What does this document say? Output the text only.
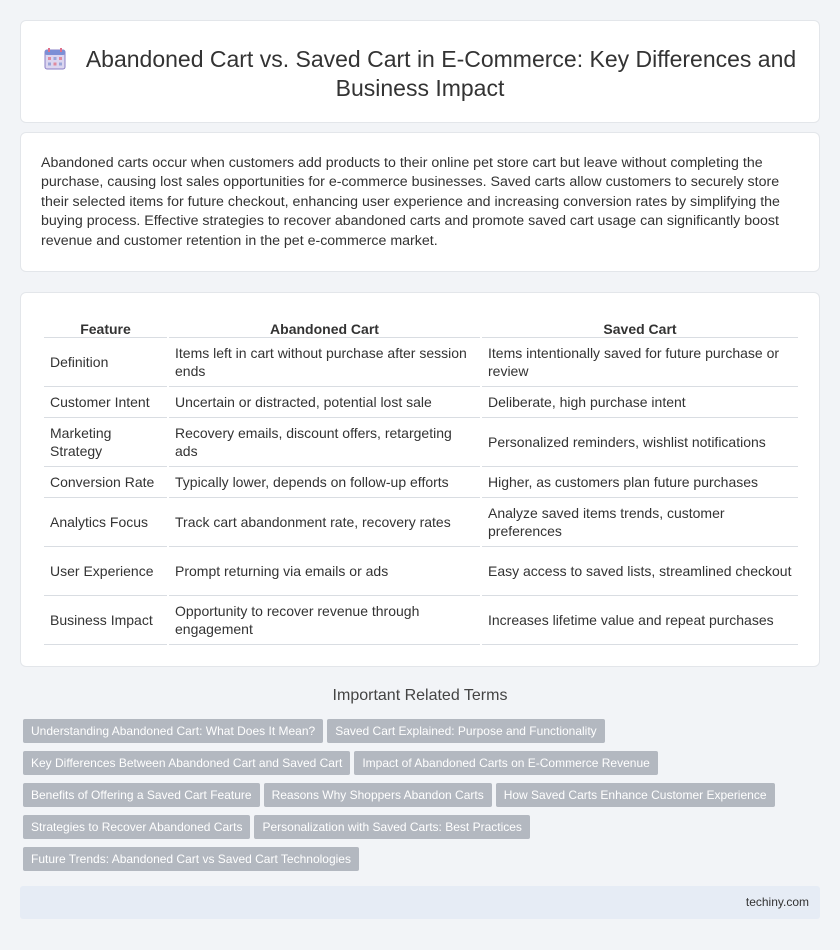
Abandoned Cart vs. Saved Cart in E-Commerce: Key Differences and Business Impact

Abandoned carts occur when customers add products to their online pet store cart but leave without completing the purchase, causing lost sales opportunities for e-commerce businesses. Saved carts allow customers to securely store their selected items for future checkout, enhancing user experience and increasing conversion rates by simplifying the buying process. Effective strategies to recover abandoned carts and promote saved cart usage can significantly boost revenue and customer retention in the pet e-commerce market.

Feature	Abandoned Cart	Saved Cart
Definition	Items left in cart without purchase after session ends	Items intentionally saved for future purchase or review
Customer Intent	Uncertain or distracted, potential lost sale	Deliberate, high purchase intent
Marketing Strategy	Recovery emails, discount offers, retargeting ads	Personalized reminders, wishlist notifications
Conversion Rate	Typically lower, depends on follow-up efforts	Higher, as customers plan future purchases
Analytics Focus	Track cart abandonment rate, recovery rates	Analyze saved items trends, customer preferences
User Experience	Prompt returning via emails or ads	Easy access to saved lists, streamlined checkout
Business Impact	Opportunity to recover revenue through engagement	Increases lifetime value and repeat purchases
Important Related Terms
Understanding Abandoned Cart: What Does It Mean? Saved Cart Explained: Purpose and Functionality
Key Differences Between Abandoned Cart and Saved Cart Impact of Abandoned Carts on E-Commerce Revenue
Benefits of Offering a Saved Cart Feature Reasons Why Shoppers Abandon Carts How Saved Carts Enhance Customer Experience
Strategies to Recover Abandoned Carts Personalization with Saved Carts: Best Practices
Future Trends: Abandoned Cart vs Saved Cart Technologies
techiny.com
